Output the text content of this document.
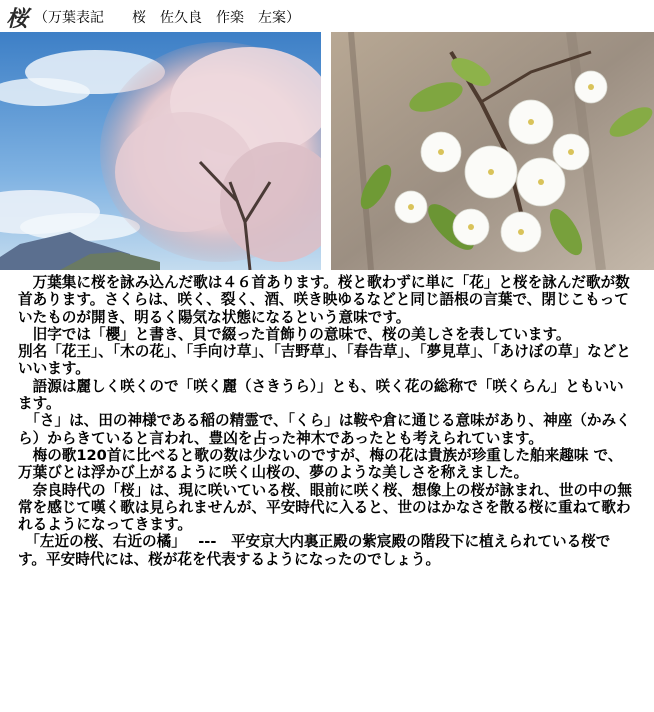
桜 （万葉表記　　桜　佐久良　作楽　左案）

　万葉集に桜を詠み込んだ歌は４６首あります。桜と歌わずに単に「花」と桜を詠んだ歌が数首あります。さくらは、咲く、裂く、酒、咲き映ゆるなどと同じ語根の言葉で、閉じこもっていたものが開き、明るく陽気な状態になるという意味です。

　旧字では「櫻」と書き、貝で綴った首飾りの意味で、桜の美しさを表しています。

別名「花王」、「木の花」、「手向け草」、「吉野草」、「春告草」、「夢見草」、「あけぼの草」などといいます。

　語源は麗しく咲くので「咲く麗（さきうら）」とも、咲く花の総称で「咲くらん」ともいいます。

　「さ」は、田の神様である稲の精霊で、「くら」は鞍や倉に通じる意味があり、神座（かみくら）からきていると言われ、豊凶を占った神木であったとも考えられています。

　梅の歌120首に比べると歌の数は少ないのですが、梅の花は貴族が珍重した舶来趣味 で、万葉びとは浮かび上がるように咲く山桜の、夢のような美しさを称えました。

　奈良時代の「桜」は、現に咲いている桜、眼前に咲く桜、想像上の桜が詠まれ、世の中の無常を感じて嘆く歌は見られませんが、平安時代に入ると、世のはかなさを散る桜に重ねて歌われるようになってきます。

　「左近の桜、右近の橘」　 ---　平安京大内裏正殿の紫宸殿の階段下に植えられている桜です。平安時代には、桜が花を代表するようになったのでしょう。
